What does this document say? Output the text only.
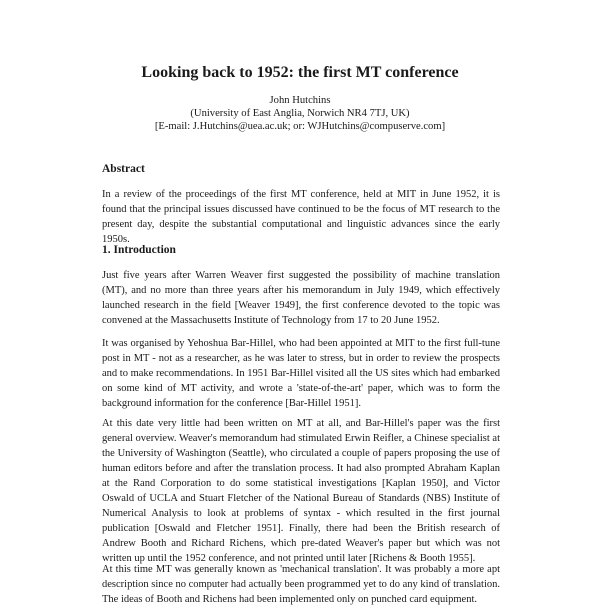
Looking back to 1952: the first MT conference
John Hutchins
(University of East Anglia, Norwich NR4 7TJ, UK)
[E-mail: J.Hutchins@uea.ac.uk; or: WJHutchins@compuserve.com]
Abstract

In a review of the proceedings of the first MT conference, held at MIT in June 1952, it is found that the principal issues discussed have continued to be the focus of MT research to the present day, despite the substantial computational and linguistic advances since the early 1950s.

1. Introduction

Just five years after Warren Weaver first suggested the possibility of machine translation (MT), and no more than three years after his memorandum in July 1949, which effectively launched research in the field [Weaver 1949], the first conference devoted to the topic was convened at the Massachusetts Institute of Technology from 17 to 20 June 1952.

It was organised by Yehoshua Bar-Hillel, who had been appointed at MIT to the first full-tune post in MT - not as a researcher, as he was later to stress, but in order to review the prospects and to make recommendations. In 1951 Bar-Hillel visited all the US sites which had embarked on some kind of MT activity, and wrote a 'state-of-the-art' paper, which was to form the background information for the conference [Bar-Hillel 1951].

At this date very little had been written on MT at all, and Bar-Hillel's paper was the first general overview. Weaver's memorandum had stimulated Erwin Reifler, a Chinese specialist at the University of Washington (Seattle), who circulated a couple of papers proposing the use of human editors before and after the translation process. It had also prompted Abraham Kaplan at the Rand Corporation to do some statistical investigations [Kaplan 1950], and Victor Oswald of UCLA and Stuart Fletcher of the National Bureau of Standards (NBS) Institute of Numerical Analysis to look at problems of syntax - which resulted in the first journal publication [Oswald and Fletcher 1951]. Finally, there had been the British research of Andrew Booth and Richard Richens, which pre-dated Weaver's paper but which was not written up until the 1952 conference, and not printed until later [Richens & Booth 1955].

At this time MT was generally known as 'mechanical translation'. It was probably a more apt description since no computer had actually been programmed yet to do any kind of translation. The ideas of Booth and Richens had been implemented only on punched card equipment.
